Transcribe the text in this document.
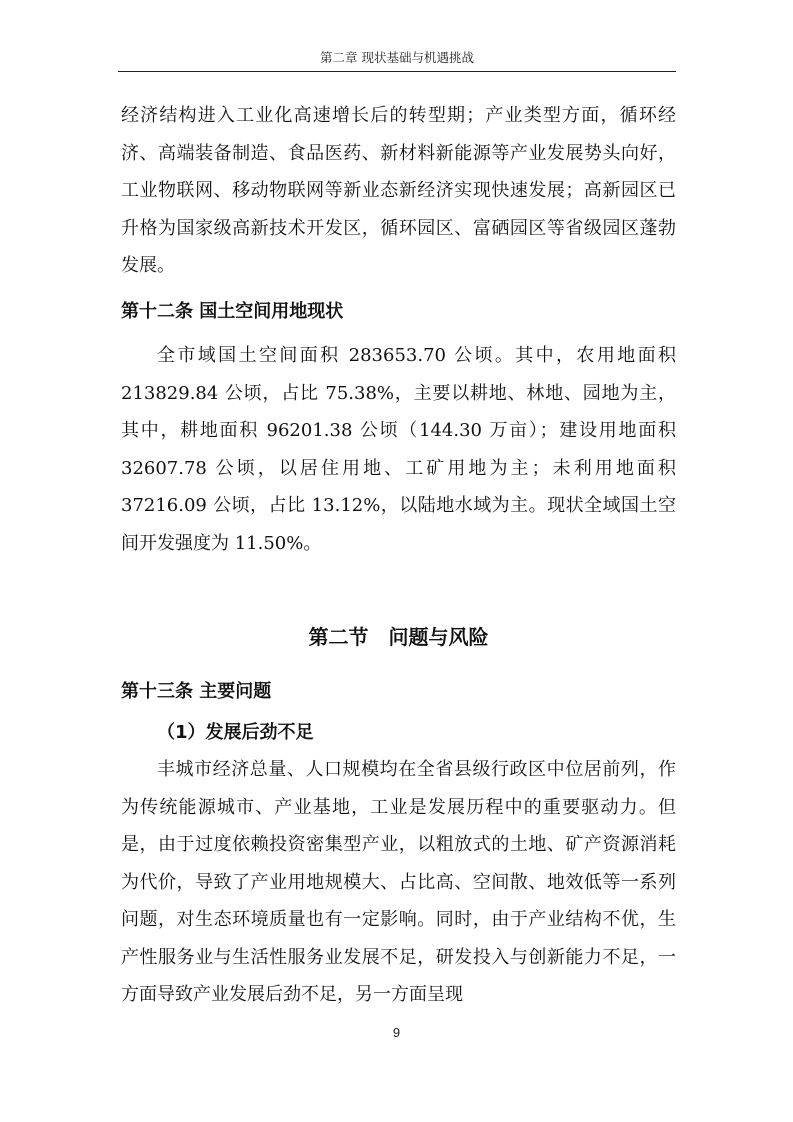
第二章 现状基础与机遇挑战

经济结构进入工业化高速增长后的转型期；产业类型方面，循环经济、高端装备制造、食品医药、新材料新能源等产业发展势头向好，工业物联网、移动物联网等新业态新经济实现快速发展；高新园区已升格为国家级高新技术开发区，循环园区、富硒园区等省级园区蓬勃发展。

第十二条 国土空间用地现状

全市域国土空间面积 283653.70 公顷。其中，农用地面积 213829.84 公顷，占比 75.38%，主要以耕地、林地、园地为主，其中，耕地面积 96201.38 公顷（144.30 万亩）；建设用地面积 32607.78 公顷，以居住用地、工矿用地为主；未利用地面积 37216.09 公顷，占比 13.12%，以陆地水域为主。现状全域国土空间开发强度为 11.50%。

第二节　问题与风险
第十三条 主要问题
（1）发展后劲不足

丰城市经济总量、人口规模均在全省县级行政区中位居前列，作为传统能源城市、产业基地，工业是发展历程中的重要驱动力。但是，由于过度依赖投资密集型产业，以粗放式的土地、矿产资源消耗为代价，导致了产业用地规模大、占比高、空间散、地效低等一系列问题，对生态环境质量也有一定影响。同时，由于产业结构不优，生产性服务业与生活性服务业发展不足，研发投入与创新能力不足，一方面导致产业发展后劲不足，另一方面呈现

9
